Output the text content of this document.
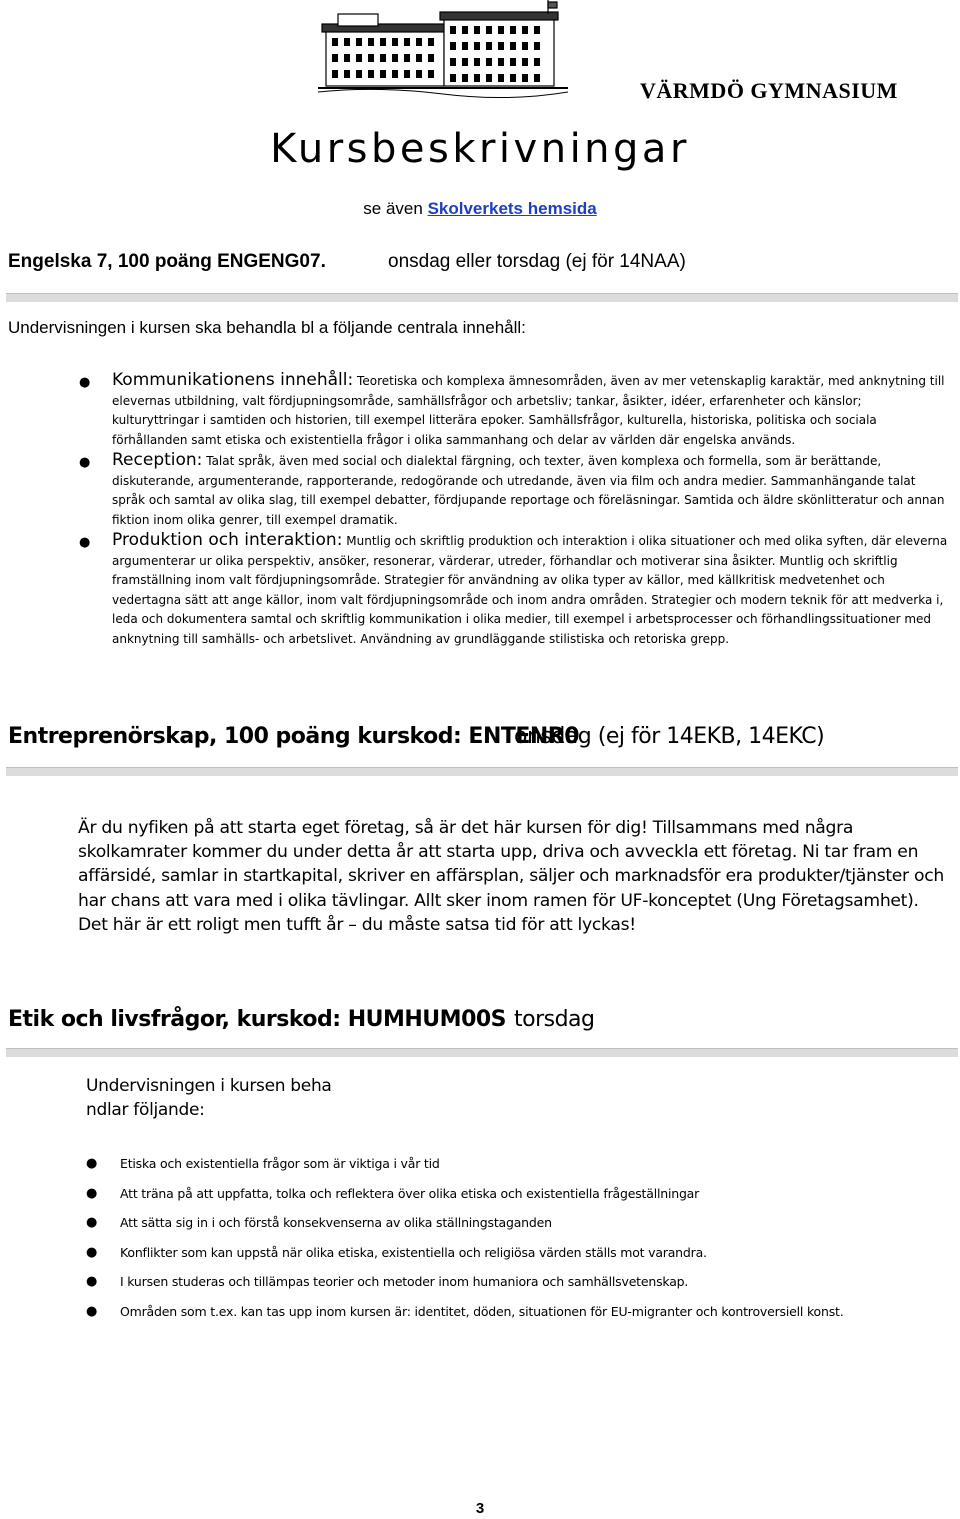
VÄRMDÖ GYMNASIUM
Kursbeskrivningar
se även Skolverkets hemsida
Engelska 7, 100 poäng ENGENG07.	onsdag eller torsdag (ej för 14NAA)
Undervisningen i kursen ska behandla bl a följande centrala innehåll:
● Kommunikationens innehåll: Teoretiska och komplexa ämnesområden, även av mer vetenskaplig karaktär, med anknytning till elevernas utbildning, valt fördjupningsområde, samhällsfrågor och arbetsliv; tankar, åsikter, idéer, erfarenheter och känslor; kulturyttringar i samtiden och historien, till exempel litterära epoker. Samhällsfrågor, kulturella, historiska, politiska och sociala förhållanden samt etiska och existentiella frågor i olika sammanhang och delar av världen där engelska används.
● Reception: Talat språk, även med social och dialektal färgning, och texter, även komplexa och formella, som är berättande, diskuterande, argumenterande, rapporterande, redogörande och utredande, även via film och andra medier. Sammanhängande talat språk och samtal av olika slag, till exempel debatter, fördjupande reportage och föreläsningar. Samtida och äldre skönlitteratur och annan fiktion inom olika genrer, till exempel dramatik.
● Produktion och interaktion: Muntlig och skriftlig produktion och interaktion i olika situationer och med olika syften, där eleverna argumenterar ur olika perspektiv, ansöker, resonerar, värderar, utreder, förhandlar och motiverar sina åsikter. Muntlig och skriftlig framställning inom valt fördjupningsområde. Strategier för användning av olika typer av källor, med källkritisk medvetenhet och vedertagna sätt att ange källor, inom valt fördjupningsområde och inom andra områden. Strategier och modern teknik för att medverka i, leda och dokumentera samtal och skriftlig kommunikation i olika medier, till exempel i arbetsprocesser och förhandlingssituationer med anknytning till samhälls- och arbetslivet. Användning av grundläggande stilistiska och retoriska grepp.
Entreprenörskap, 100 poäng kurskod: ENTENR0
onsdag (ej för 14EKB, 14EKC)
Är du nyfiken på att starta eget företag, så är det här kursen för dig! Tillsammans med några skolkamrater kommer du under detta år att starta upp, driva och avveckla ett företag. Ni tar fram en affärsidé, samlar in startkapital, skriver en affärsplan, säljer och marknadsför era produkter/tjänster och har chans att vara med i olika tävlingar. Allt sker inom ramen för UF-konceptet (Ung Företagsamhet). Det här är ett roligt men tufft år – du måste satsa tid för att lyckas!
Etik och livsfrågor, kurskod: HUMHUM00S torsdag
Undervisningen i kursen beha ndlar följande:
● Etiska och existentiella frågor som är viktiga i vår tid
● Att träna på att uppfatta, tolka och reflektera över olika etiska och existentiella frågeställningar
● Att sätta sig in i och förstå konsekvenserna av olika ställningstaganden
● Konflikter som kan uppstå när olika etiska, existentiella och religiösa värden ställs mot varandra.
● I kursen studeras och tillämpas teorier och metoder inom humaniora och samhällsvetenskap.
● Områden som t.ex. kan tas upp inom kursen är: identitet, döden, situationen för EU-migranter och kontroversiell konst.
3
